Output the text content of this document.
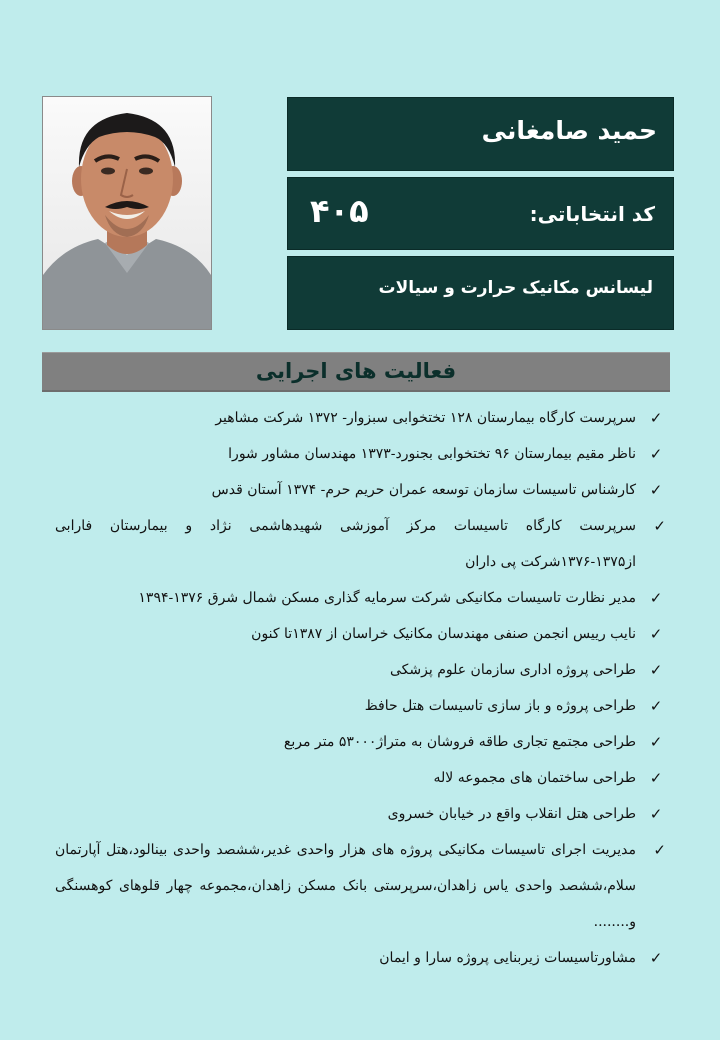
حمید صامغانی
کد انتخاباتی:
۴۰۵
لیسانس مکانیک حرارت و سیالات
فعالیت های اجرایی
✓
سرپرست کارگاه بیمارستان ۱۲۸ تختخوابی سبزوار- ۱۳۷۲ شرکت مشاهیر
✓
ناظر مقیم بیمارستان ۹۶ تختخوابی بجنورد-۱۳۷۳ مهندسان مشاور شورا
✓
کارشناس تاسیسات سازمان توسعه عمران حریم حرم- ۱۳۷۴ آستان قدس
✓
سرپرست کارگاه تاسیسات مرکز آموزشی شهیدهاشمی نژاد و بیمارستان فارابی از۱۳۷۵-۱۳۷۶شرکت پی داران
✓
مدیر نظارت تاسیسات مکانیکی شرکت سرمایه گذاری مسکن شمال شرق ۱۳۷۶-۱۳۹۴
✓
نایب رییس انجمن صنفی مهندسان مکانیک خراسان از ۱۳۸۷تا کنون
✓
طراحی پروژه اداری سازمان علوم پزشکی
✓
طراحی پروژه و باز سازی تاسیسات هتل حافظ
✓
طراحی مجتمع تجاری طاقه فروشان به متراژ۵۳۰۰۰ متر مربع
✓
طراحی ساختمان های مجموعه لاله
✓
طراحی هتل انقلاب واقع در خیابان خسروی
✓
مدیریت اجرای تاسیسات مکانیکی پروژه های هزار واحدی غدیر،ششصد واحدی بینالود،هتل آپارتمان سلام،ششصد واحدی یاس زاهدان،سرپرستی بانک مسکن زاهدان،مجموعه چهار قلوهای کوهسنگی و........
✓
مشاورتاسیسات زیربنایی پروژه سارا و ایمان
